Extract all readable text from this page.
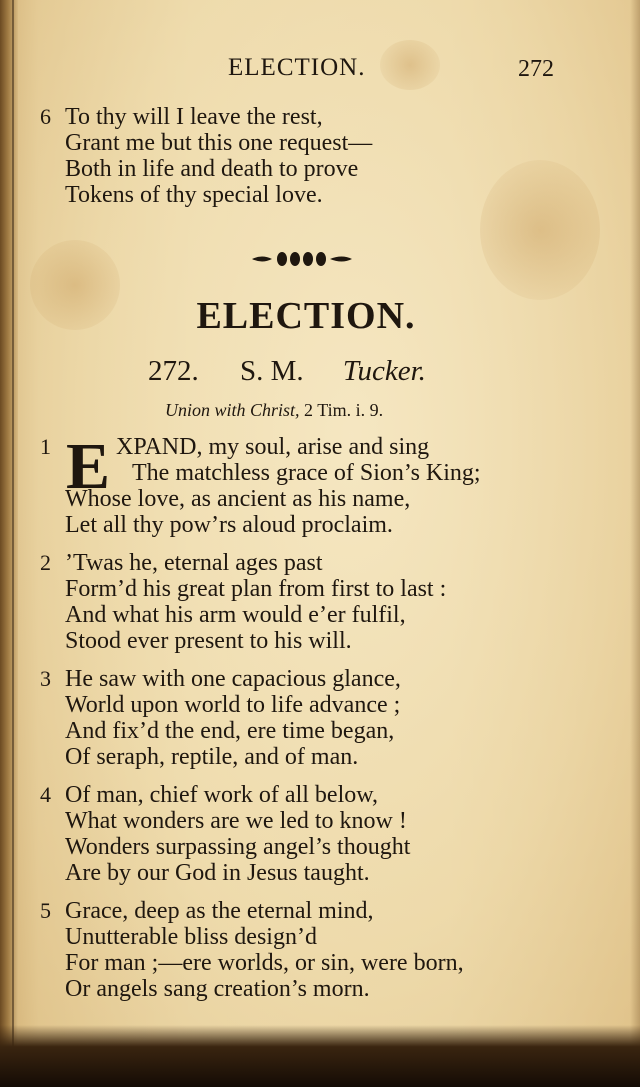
ELECTION.	272
6 To thy will I leave the rest,
Grant me but this one request—
Both in life and death to prove
Tokens of thy special love.
ELECTION.
272. S. M. Tucker.
Union with Christ, 2 Tim. i. 9.
1 E XPAND, my soul, arise and sing
The matchless grace of Sion’s King;
Whose love, as ancient as his name,
Let all thy pow’rs aloud proclaim.
2 ’Twas he, eternal ages past
Form’d his great plan from first to last :
And what his arm would e’er fulfil,
Stood ever present to his will.
3 He saw with one capacious glance,
World upon world to life advance ;
And fix’d the end, ere time began,
Of seraph, reptile, and of man.
4 Of man, chief work of all below,
What wonders are we led to know !
Wonders surpassing angel’s thought
Are by our God in Jesus taught.
5 Grace, deep as the eternal mind,
Unutterable bliss design’d
For man ;—ere worlds, or sin, were born,
Or angels sang creation’s morn.
